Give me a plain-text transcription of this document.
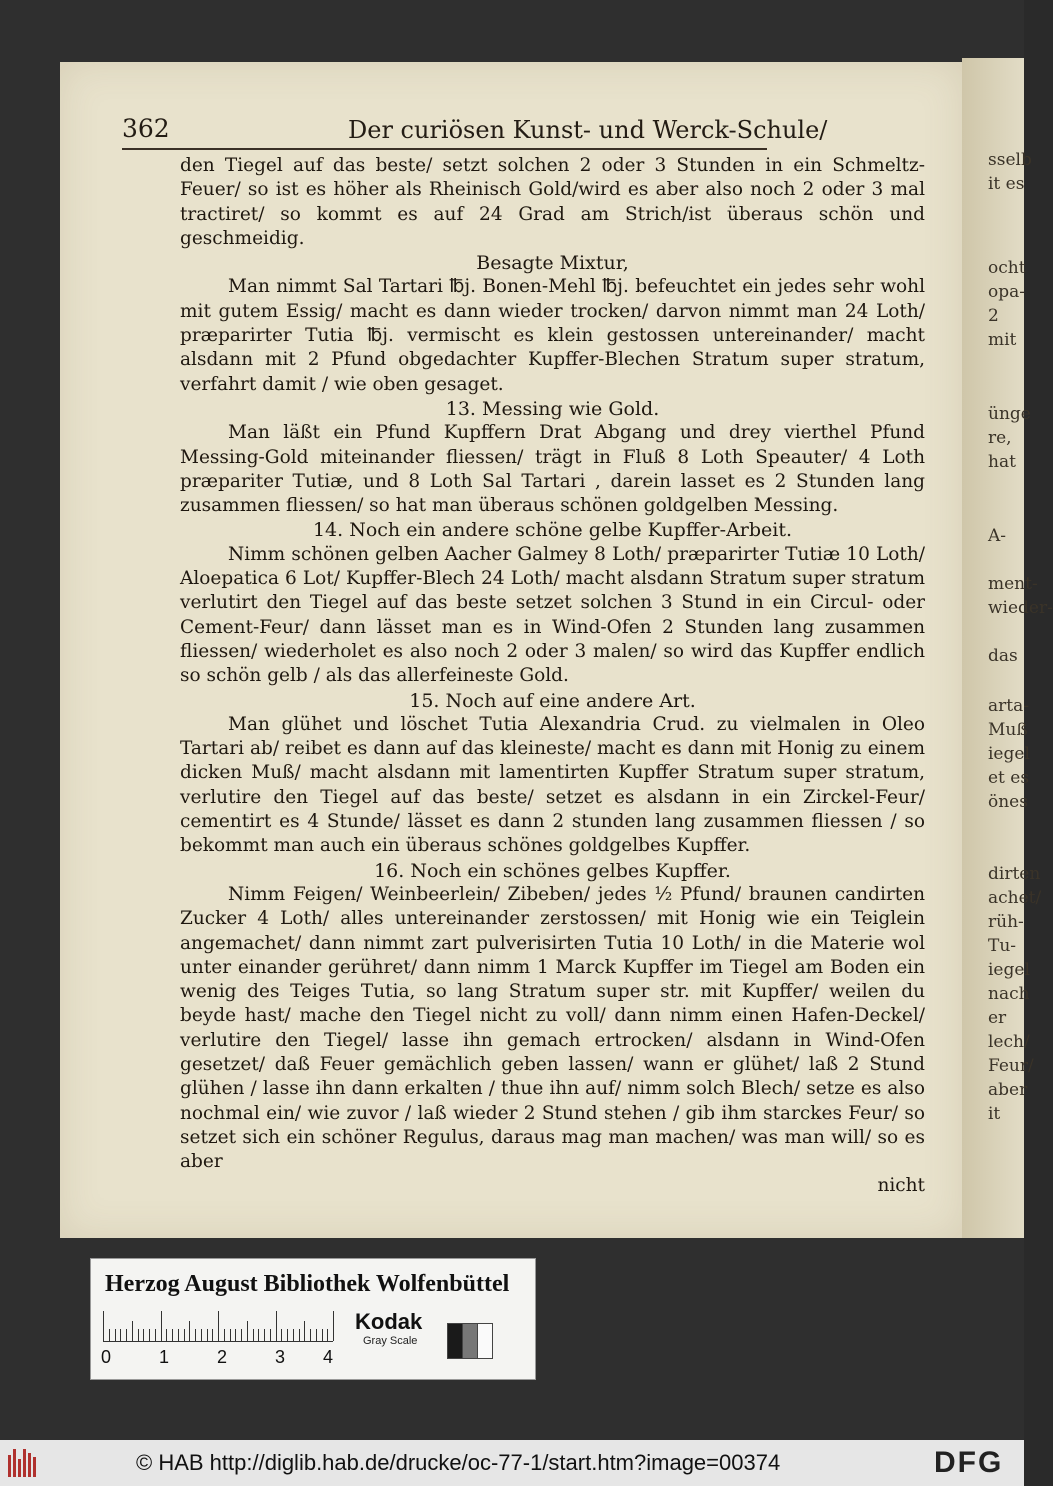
sselb
it es
ocht
opa-
2
mit
ünge
re,
hat
A-
ment-
wieder-
das
arta-
Muß
iegel
et es
önes
dirten
achet/
rüh-
Tu-
iegel
nach
er
lech/
Feur/
aber
it
362	Der curiösen Kunst- und Werck-Schule/

den Tiegel auf das beste/ setzt solchen 2 oder 3 Stunden in ein Schmeltz-Feuer/ so ist es höher als Rheinisch Gold/wird es aber also noch 2 oder 3 mal tractiret/ so kommt es auf 24 Grad am Strich/ist überaus schön und geschmeidig.

Besagte Mixtur,

Man nimmt Sal Tartari ℔j. Bonen-Mehl ℔j. befeuchtet ein jedes sehr wohl mit gutem Essig/ macht es dann wieder trocken/ darvon nimmt man 24 Loth/ præparirter Tutia ℔j. vermischt es klein gestossen untereinander/ macht alsdann mit 2 Pfund obgedachter Kupffer-Blechen Stratum super stratum, verfahrt damit / wie oben gesaget.

13. Messing wie Gold.

Man läßt ein Pfund Kupffern Drat Abgang und drey vierthel Pfund Messing-Gold miteinander fliessen/ trägt in Fluß 8 Loth Speauter/ 4 Loth præpariter Tutiæ, und 8 Loth Sal Tartari , darein lasset es 2 Stunden lang zusammen fliessen/ so hat man überaus schönen goldgelben Messing.

14. Noch ein andere schöne gelbe Kupffer-Arbeit.

Nimm schönen gelben Aacher Galmey 8 Loth/ præparirter Tutiæ 10 Loth/ Aloepatica 6 Lot/ Kupffer-Blech 24 Loth/ macht alsdann Stratum super stratum verlutirt den Tiegel auf das beste setzet solchen 3 Stund in ein Circul- oder Cement-Feur/ dann lässet man es in Wind-Ofen 2 Stunden lang zusammen fliessen/ wiederholet es also noch 2 oder 3 malen/ so wird das Kupffer endlich so schön gelb / als das allerfeineste Gold.

15. Noch auf eine andere Art.

Man glühet und löschet Tutia Alexandria Crud. zu vielmalen in Oleo Tartari ab/ reibet es dann auf das kleineste/ macht es dann mit Honig zu einem dicken Muß/ macht alsdann mit lamentirten Kupffer Stratum super stratum, verlutire den Tiegel auf das beste/ setzet es alsdann in ein Zirckel-Feur/ cementirt es 4 Stunde/ lässet es dann 2 stunden lang zusammen fliessen / so bekommt man auch ein überaus schönes goldgelbes Kupffer.

16. Noch ein schönes gelbes Kupffer.

Nimm Feigen/ Weinbeerlein/ Zibeben/ jedes ½ Pfund/ braunen candirten Zucker 4 Loth/ alles untereinander zerstossen/ mit Honig wie ein Teiglein angemachet/ dann nimmt zart pulverisirten Tutia 10 Loth/ in die Materie wol unter einander gerühret/ dann nimm 1 Marck Kupffer im Tiegel am Boden ein wenig des Teiges Tutia, so lang Stratum super str. mit Kupffer/ weilen du beyde hast/ mache den Tiegel nicht zu voll/ dann nimm einen Hafen-Deckel/ verlutire den Tiegel/ lasse ihn gemach ertrocken/ alsdann in Wind-Ofen gesetzet/ daß Feuer gemächlich geben lassen/ wann er glühet/ laß 2 Stund glühen / lasse ihn dann erkalten / thue ihn auf/ nimm solch Blech/ setze es also nochmal ein/ wie zuvor / laß wieder 2 Stund stehen / gib ihm starckes Feur/ so setzet sich ein schöner Regulus, daraus mag man machen/ was man will/ so es aber

nicht

Herzog August Bibliothek Wolfenbüttel
0	1	2	3 4
Kodak
Gray Scale
© HAB http://diglib.hab.de/drucke/oc-77-1/start.htm?image=00374	DFG
